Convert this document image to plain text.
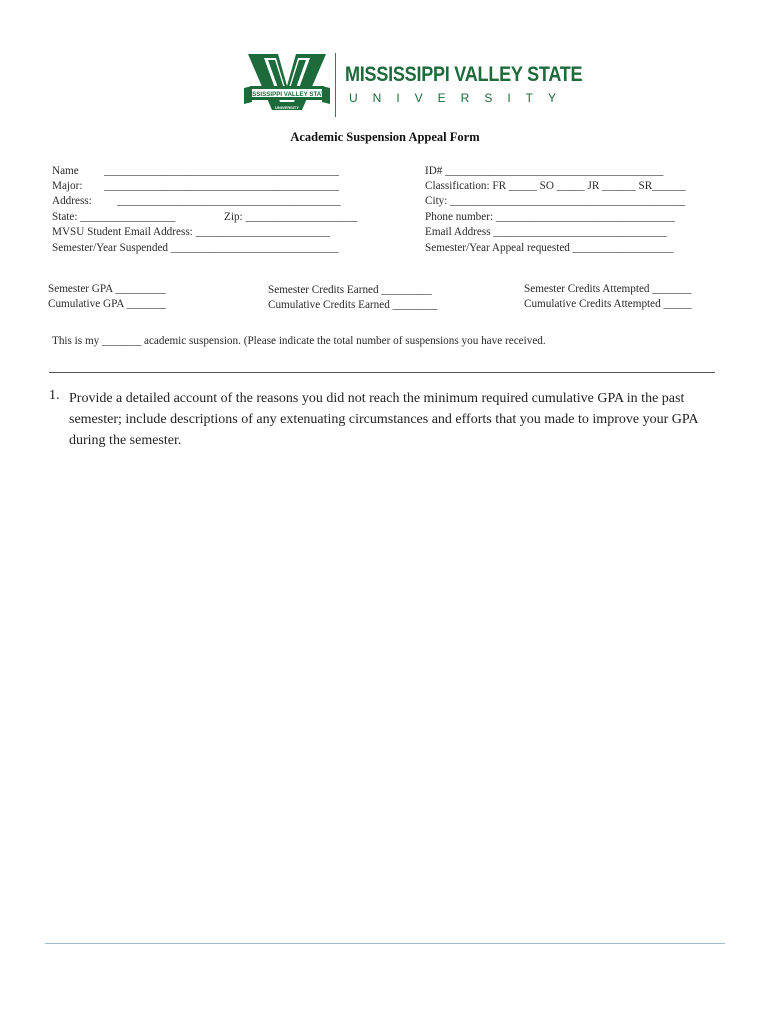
MISSISSIPPI VALLEY STATE
UNIVERSITY
MISSISSIPPI VALLEY STATE
UNIVERSITY
Academic Suspension Appeal Form
Name __________________________________________
Major: __________________________________________
Address: ________________________________________
State: _________________	Zip: ____________________
MVSU Student Email Address: ________________________
Semester/Year Suspended ______________________________
ID# _______________________________________
Classification: FR _____ SO _____ JR ______ SR______
City: __________________________________________
Phone number: ________________________________
Email Address _______________________________
Semester/Year Appeal requested __________________
Semester GPA _________
Cumulative GPA _______
Semester Credits Earned _________
Cumulative Credits Earned ________
Semester Credits Attempted _______
Cumulative Credits Attempted _____
This is my _______ academic suspension. (Please indicate the total number of suspensions you have received.
1. Provide a detailed account of the reasons you did not reach the minimum required cumulative GPA in the past semester; include descriptions of any extenuating circumstances and efforts that you made to improve your GPA during the semester.
